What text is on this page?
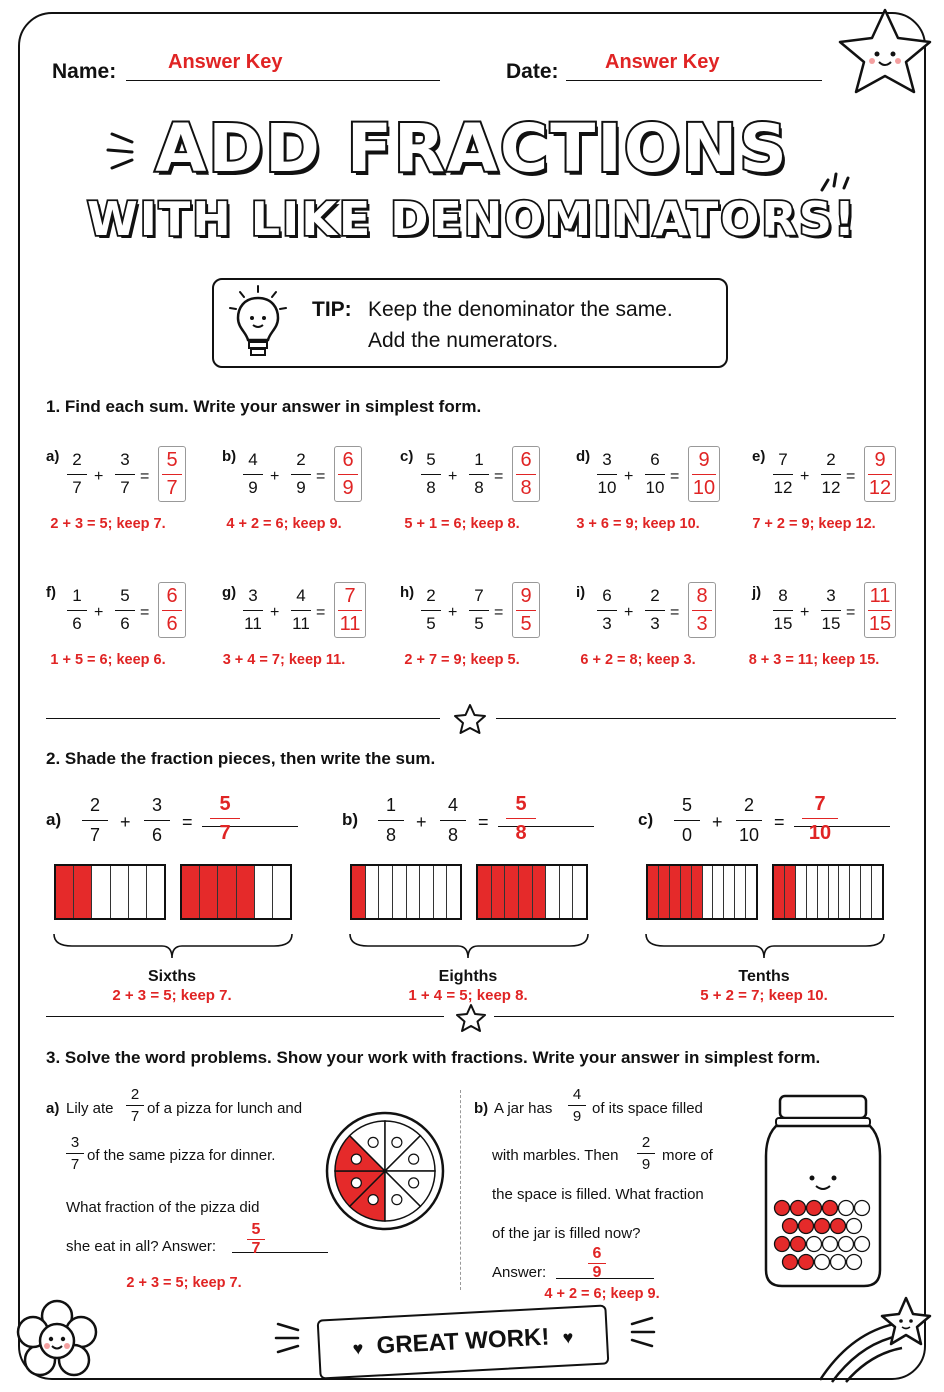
Name:	Answer Key	Date: Answer Key
ADD FRACTIONS
WITH LIKE DENOMINATORS!
TIP: Keep the denominator the same.
Add the numerators.
1. Find each sum. Write your answer in simplest form.
a) 2
7
+
3
7
=
5
7
2 + 3 = 5; keep 7.
b) 4
9
+
2
9
=
6
9
4 + 2 = 6; keep 9.
c) 5
8
+
1
8
=
6
8
5 + 1 = 6; keep 8.
d) 3
10
+
6
10
=
9
10
3 + 6 = 9; keep 10.
e) 7
12
+
2
12
=
9
12
7 + 2 = 9; keep 12.
f) 1
6
+
5
6
=
6
6
1 + 5 = 6; keep 6.
g) 3
11
+
4
11
=
7
11
3 + 4 = 7; keep 11.
h) 2
5
+
7
5
=
9
5
2 + 7 = 9; keep 5.
i)	6
3
+
2
3
=
8
3
6 + 2 = 8; keep 3.
j)	8
15
+
3
15
=
11
15
8 + 3 = 11; keep 15.
2. Shade the fraction pieces, then write the sum.
a)
2
7
+
3
6
=
5
7
Sixths
2 + 3 = 5; keep 7.
b)
1
8
+
4
8
=
5
8
Eighths
1 + 4 = 5; keep 8.
c)
5
0
+
2
10
=
7
10
Tenths
5 + 2 = 7; keep 10.
3. Solve the word problems. Show your work with fractions. Write your answer in simplest form.
a) Lily ate
2
7 of a pizza for lunch and
3
7
of the same pizza for dinner.
What fraction of the pizza did
she eat in all? Answer:
5
7
2 + 3 = 5; keep 7.
b) A jar has
4
9 of its space filled
with marbles. Then
2
9
more of
the space is filled. What fraction
of the jar is filled now?
Answer:
6
9
4 + 2 = 6; keep 9.
♥ GREAT WORK! ♥
